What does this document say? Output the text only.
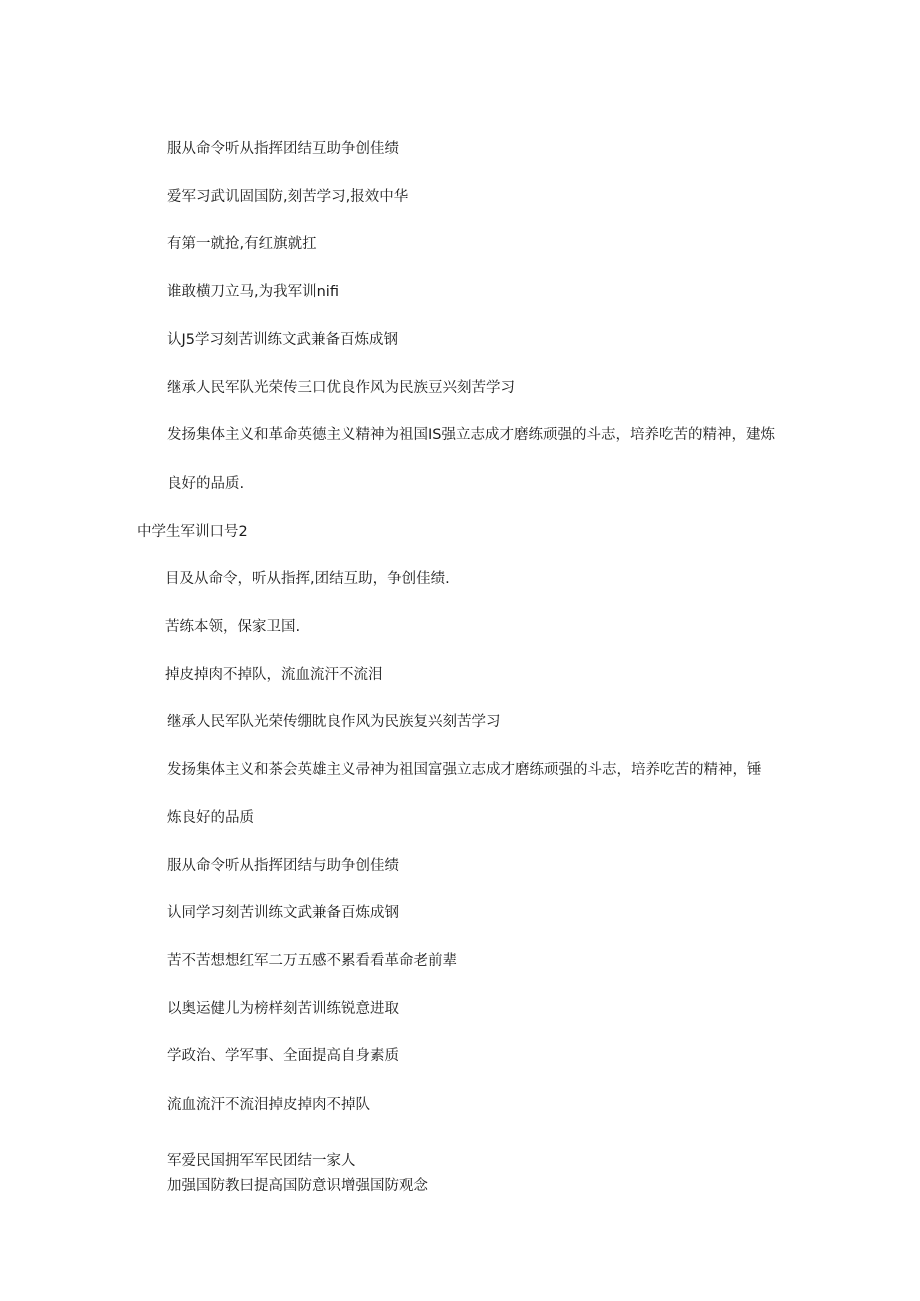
服从命令听从指挥团结互助争创佳绩
爱军习武讥固国防,刻苦学习,报效中华
有第一就抢,有红旗就扛
谁敢横刀立马,为我军训nifi
认J5学习刻苦训练文武兼备百炼成钢
继承人民军队光荣传三口优良作风为民族豆兴刻苦学习
发扬集体主义和革命英德主义精神为祖国IS强立志成才磨练顽强的斗志，培养吃苦的精神，建炼
良好的品质.
中学生军训口号2
目及从命令，听从指挥,团结互助，争创佳绩.
苦练本领，保家卫国.
掉皮掉肉不掉队，流血流汗不流泪
继承人民军队光荣传绷眈良作风为民族复兴刻苦学习
发扬集体主义和茶会英雄主义帚神为祖国富强立志成才磨练顽强的斗志，培养吃苦的精神，锤
炼良好的品质
服从命令听从指挥团结与助争创佳绩
认同学习刻苦训练文武兼备百炼成钢
苦不苦想想红军二万五感不累看看革命老前辈
以奥运健儿为榜样刻苦训练锐意进取
学政治、学军事、全面提高自身素质
流血流汗不流泪掉皮掉肉不掉队
军爱民国拥军军民团结一家人
加强国防教曰提高国防意识增强国防观念
